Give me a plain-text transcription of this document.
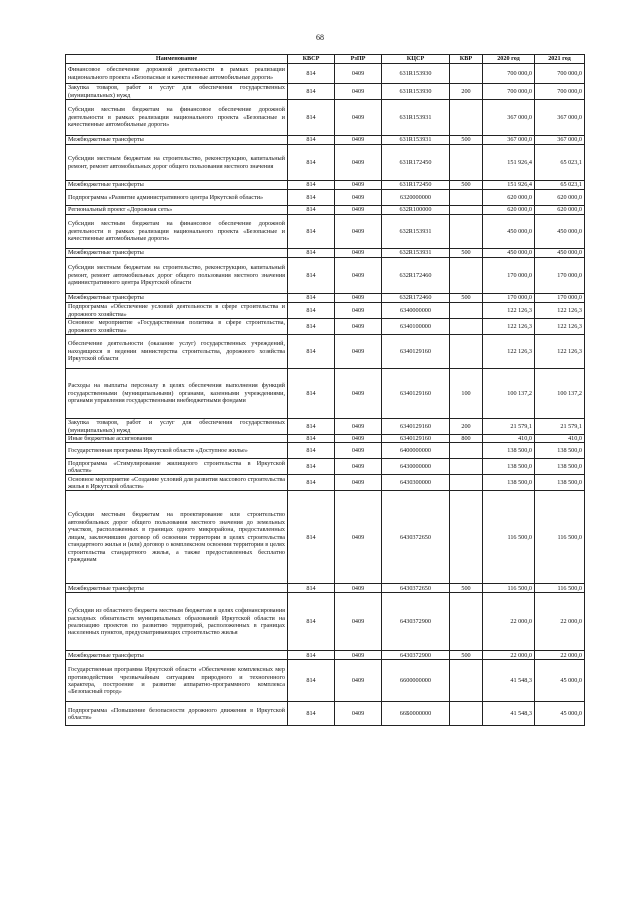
68
Наименование	КВСР	РзПР	КЦСР	КВР	2020 год	2021 год
Финансовое обеспечение дорожной деятельности в рамках реализации национального проекта «Безопасные и качественные автомобильные дороги»	814	0409	631R153930		700 000,0	700 000,0
Закупка товаров, работ и услуг для обеспечения государственных (муниципальных) нужд	814	0409	631R153930	200	700 000,0	700 000,0
Субсидии местным бюджетам на финансовое обеспечение дорожной деятельности в рамках реализации национального проекта «Безопасные и качественные автомобильные дороги»	814	0409	631R153931		367 000,0	367 000,0
Межбюджетные трансферты	814	0409	631R153931	500	367 000,0	367 000,0
Субсидии местным бюджетам на строительство, реконструкцию, капитальный ремонт, ремонт автомобильных дорог общего пользования местного значения	814	0409	631R172450		151 926,4	65 023,1
Межбюджетные трансферты	814	0409	631R172450	500	151 926,4	65 023,1
Подпрограмма «Развитие административного центра Иркутской области»	814	0409	6320000000		620 000,0	620 000,0
Региональный проект «Дорожная сеть»	814	0409	632R100000		620 000,0	620 000,0
Субсидии местным бюджетам на финансовое обеспечение дорожной деятельности в рамках реализации национального проекта «Безопасные и качественные автомобильные дороги»	814	0409	632R153931		450 000,0	450 000,0
Межбюджетные трансферты	814	0409	632R153931	500	450 000,0	450 000,0
Субсидии местным бюджетам на строительство, реконструкцию, капитальный ремонт, ремонт автомобильных дорог общего пользования местного значения административного центра Иркутской области	814	0409	632R172460		170 000,0	170 000,0
Межбюджетные трансферты	814	0409	632R172460	500	170 000,0	170 000,0
Подпрограмма «Обеспечение условий деятельности в сфере строительства и дорожного хозяйства»	814	0409	6340000000		122 126,3	122 126,3
Основное мероприятие «Государственная политика в сфере строительства, дорожного хозяйства»	814	0409	6340100000		122 126,3	122 126,3
Обеспечение деятельности (оказание услуг) государственных учреждений, находящихся в ведении министерства строительства, дорожного хозяйства Иркутской области	814	0409	6340129160		122 126,3	122 126,3
Расходы на выплаты персоналу в целях обеспечения выполнения функций государственными (муниципальными) органами, казенными учреждениями, органами управления государственными внебюджетными фондами	814	0409	6340129160	100	100 137,2	100 137,2
Закупка товаров, работ и услуг для обеспечения государственных (муниципальных) нужд	814	0409	6340129160	200	21 579,1	21 579,1
Иные бюджетные ассигнования	814	0409	6340129160	800	410,0	410,0
Государственная программа Иркутской области «Доступное жилье»	814	0409	6400000000		138 500,0	138 500,0
Подпрограмма «Стимулирование жилищного строительства в Иркутской области»	814	0409	6430000000		138 500,0	138 500,0
Основное мероприятие «Создание условий для развития массового строительства жилья в Иркутской области»	814	0409	6430300000		138 500,0	138 500,0
Субсидии местным бюджетам на проектирование или строительство автомобильных дорог общего пользования местного значения до земельных участков, расположенных в границах одного микрорайона, предоставленных лицам, заключившим договор об освоении территории в целях строительства стандартного жилья и (или) договор о комплексном освоении территории в целях строительства стандартного жилья, а также предоставленных бесплатно гражданам	814	0409	6430372650		116 500,0	116 500,0
Межбюджетные трансферты	814	0409	6430372650	500	116 500,0	116 500,0
Субсидии из областного бюджета местным бюджетам в целях софинансирования расходных обязательств муниципальных образований Иркутской области на реализацию проектов по развитию территорий, расположенных в границах населенных пунктов, предусматривающих строительство жилья	814	0409	6430372900		22 000,0	22 000,0
Межбюджетные трансферты	814	0409	6430372900	500	22 000,0	22 000,0
Государственная программа Иркутской области «Обеспечение комплексных мер противодействия чрезвычайным ситуациям природного и техногенного характера, построение и развитие аппаратно-программного комплекса «Безопасный город»	814	0409	6600000000		41 548,3	45 000,0
Подпрограмма «Повышение безопасности дорожного движения в Иркутской области»	814	0409	66Б0000000		41 548,3	45 000,0
